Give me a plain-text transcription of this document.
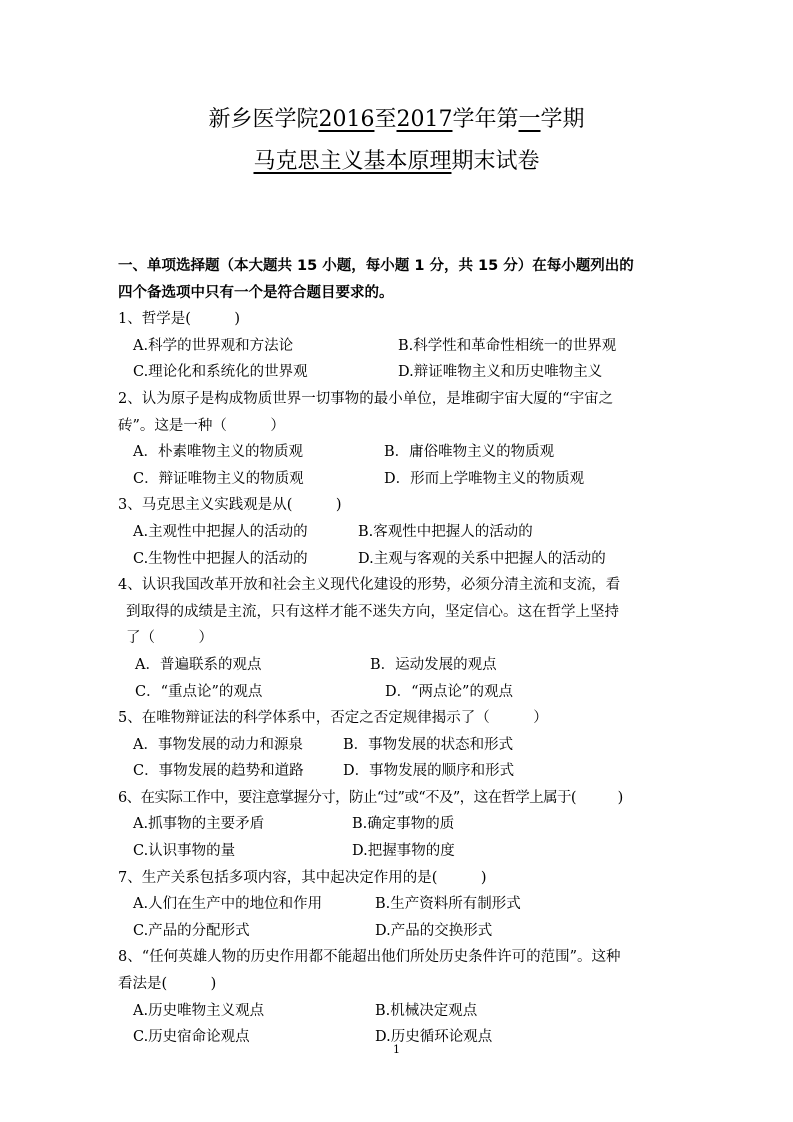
新乡医学院2016至2017学年第一学期
马克思主义基本原理期末试卷
一、单项选择题（本大题共 15 小题，每小题 1 分，共 15 分）在每小题列出的
四个备选项中只有一个是符合题目要求的。
1、哲学是(　　　)
A.科学的世界观和方法论	B.科学性和革命性相统一的世界观
C.理论化和系统化的世界观	D.辩证唯物主义和历史唯物主义
2、认为原子是构成物质世界一切事物的最小单位，是堆砌宇宙大厦的“宇宙之
砖”。这是一种（　　　）
A．朴素唯物主义的物质观	B．庸俗唯物主义的物质观
C．辩证唯物主义的物质观	D．形而上学唯物主义的物质观
3、马克思主义实践观是从(　　　)
A.主观性中把握人的活动的	B.客观性中把握人的活动的
C.生物性中把握人的活动的	D.主观与客观的关系中把握人的活动的
4、认识我国改革开放和社会主义现代化建设的形势，必须分清主流和支流，看
到取得的成绩是主流，只有这样才能不迷失方向，坚定信心。这在哲学上坚持
了（　　　）
A．普遍联系的观点	B．运动发展的观点
C．“重点论”的观点	D．“两点论”的观点
5、在唯物辩证法的科学体系中，否定之否定规律揭示了（　　　）
A．事物发展的动力和源泉	B．事物发展的状态和形式
C．事物发展的趋势和道路	D．事物发展的顺序和形式
6、在实际工作中，要注意掌握分寸，防止“过”或“不及”，这在哲学上属于(　　　)
A.抓事物的主要矛盾	B.确定事物的质
C.认识事物的量	D.把握事物的度
7、生产关系包括多项内容，其中起决定作用的是(　　　)
A.人们在生产中的地位和作用	B.生产资料所有制形式
C.产品的分配形式	D.产品的交换形式
8、“任何英雄人物的历史作用都不能超出他们所处历史条件许可的范围”。这种
看法是(　　　)
A.历史唯物主义观点	B.机械决定观点
C.历史宿命论观点	D.历史循环论观点
1
